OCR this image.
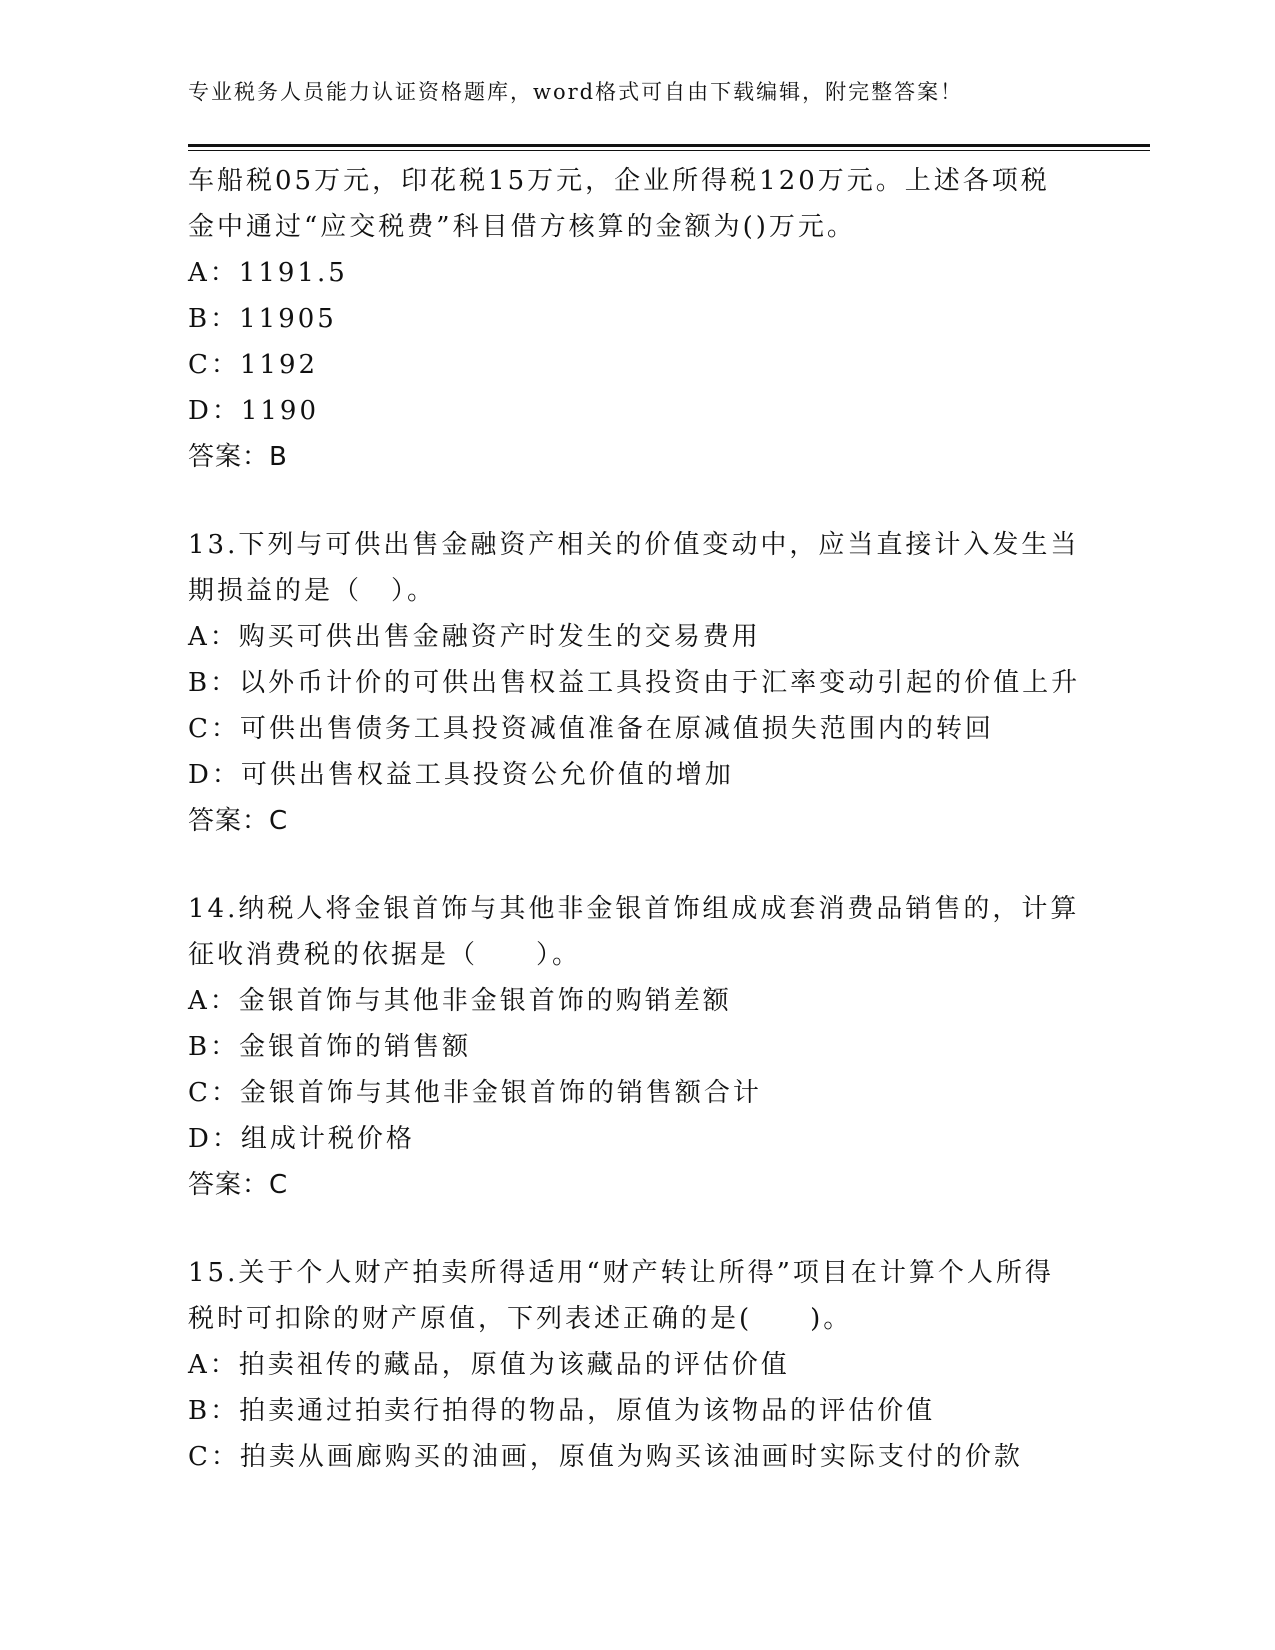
专业税务人员能力认证资格题库，word格式可自由下载编辑，附完整答案！
车船税05万元，印花税15万元，企业所得税120万元。上述各项税
金中通过“应交税费”科目借方核算的金额为()万元。
A：1191.5
B：11905
C：1192
D：1190
答案：B
13.下列与可供出售金融资产相关的价值变动中，应当直接计入发生当
期损益的是（　）。
A：购买可供出售金融资产时发生的交易费用
B：以外币计价的可供出售权益工具投资由于汇率变动引起的价值上升
C：可供出售债务工具投资减值准备在原减值损失范围内的转回
D：可供出售权益工具投资公允价值的增加
答案：C
14.纳税人将金银首饰与其他非金银首饰组成成套消费品销售的，计算
征收消费税的依据是（　　）。
A：金银首饰与其他非金银首饰的购销差额
B：金银首饰的销售额
C：金银首饰与其他非金银首饰的销售额合计
D：组成计税价格
答案：C
15.关于个人财产拍卖所得适用“财产转让所得”项目在计算个人所得
税时可扣除的财产原值，下列表述正确的是(　　)。
A：拍卖祖传的藏品，原值为该藏品的评估价值
B：拍卖通过拍卖行拍得的物品，原值为该物品的评估价值
C：拍卖从画廊购买的油画，原值为购买该油画时实际支付的价款
